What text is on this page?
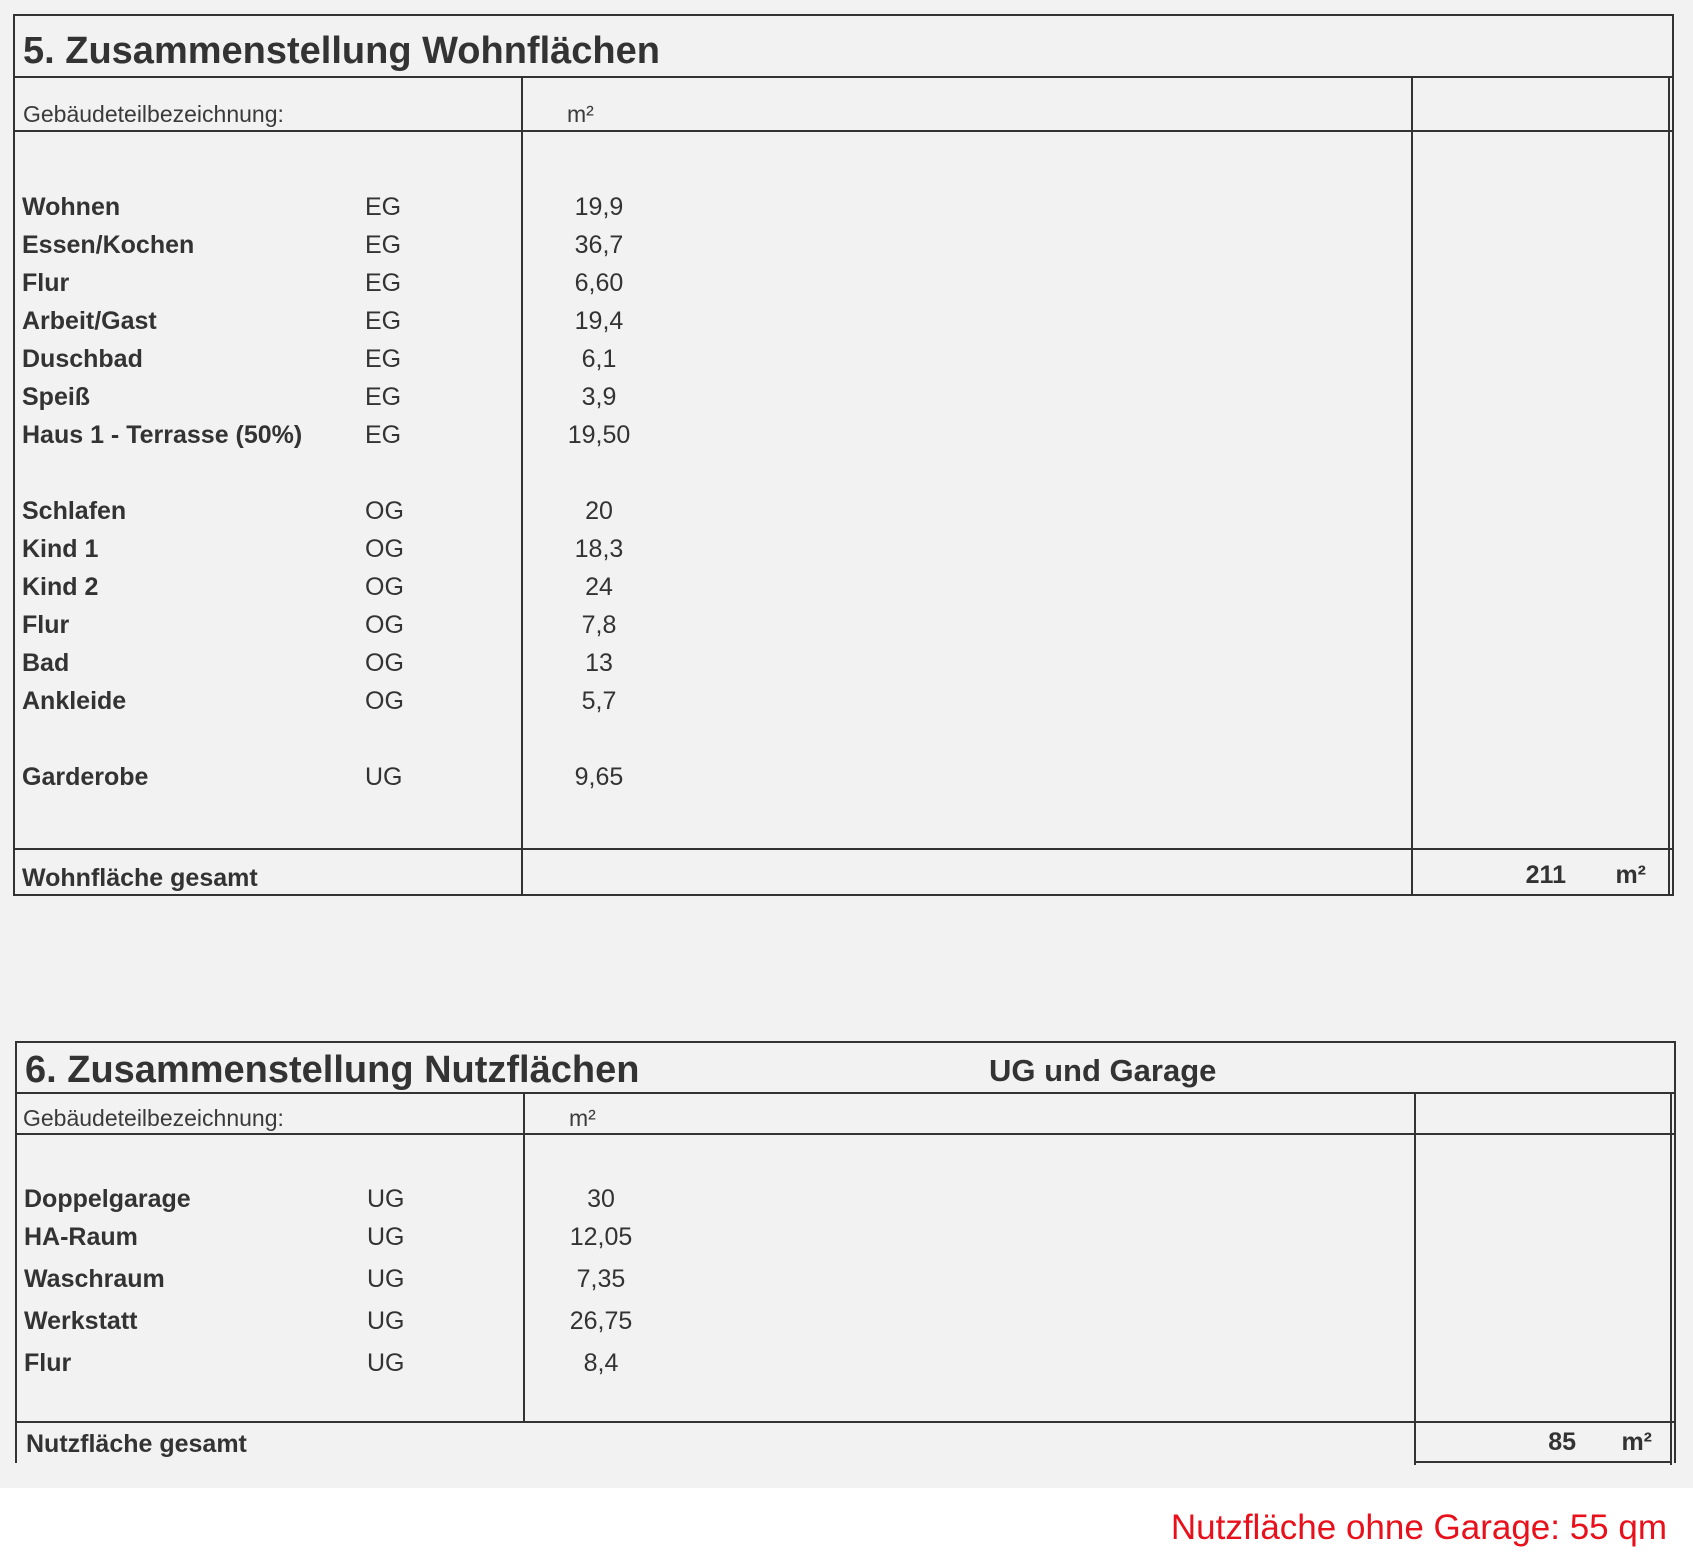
5. Zusammenstellung Wohnflächen
Gebäudeteilbezeichnung:	m²
Wohnen	EG	19,9
Essen/Kochen	EG	36,7
Flur	EG	6,60
Arbeit/Gast	EG	19,4
Duschbad	EG	6,1
Speiß	EG	3,9
Haus 1 - Terrasse (50%)	EG	19,50
Schlafen	OG	20
Kind 1	OG	18,3
Kind 2	OG	24
Flur	OG	7,8
Bad	OG	13
Ankleide	OG	5,7
Garderobe	UG	9,65
Wohnfläche gesamt	211 m²
6. Zusammenstellung Nutzflächen	UG und Garage
Gebäudeteilbezeichnung:	m²
Doppelgarage	UG	30
HA-Raum	UG	12,05
Waschraum	UG	7,35
Werkstatt	UG	26,75
Flur	UG	8,4
Nutzfläche gesamt	85 m²
Nutzfläche ohne Garage: 55 qm
